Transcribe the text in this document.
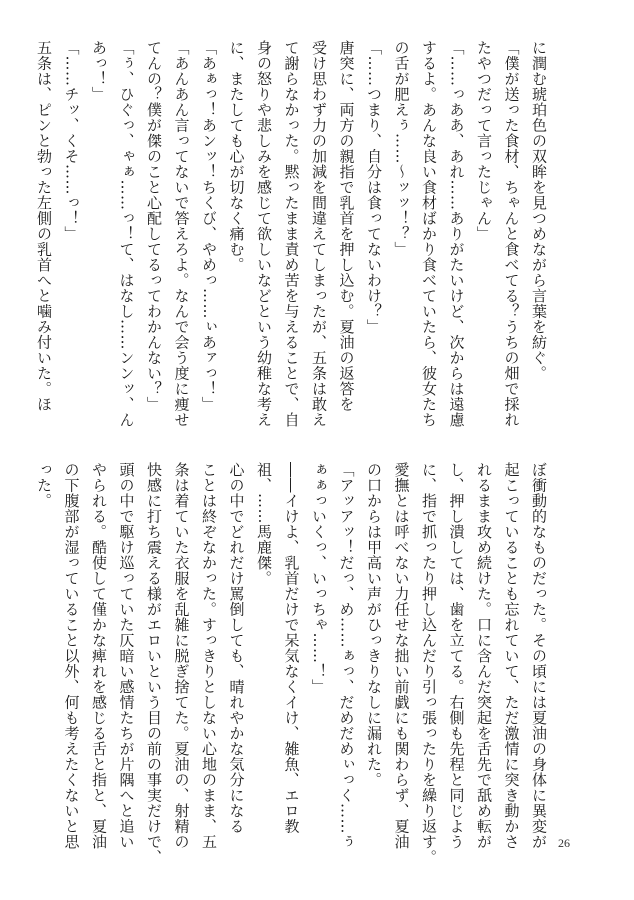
に潤む琥珀色の双眸を見つめながら言葉を紡ぐ。
「僕が送った食材、ちゃんと食べてる？うちの畑で採れ
たやつだって言ったじゃん」
「……っああ、あれ……ありがたいけど、次からは遠慮
するよ。あんな良い食材ばかり食べていたら、彼女たち
の舌が肥えぅ……～ッッ！？」
「……つまり、自分は食ってないわけ？」
唐突に、両方の親指で乳首を押し込む。夏油の返答を
受け思わず力の加減を間違えてしまったが、五条は敢え
て謝らなかった。黙ったまま責め苦を与えることで、自
身の怒りや悲しみを感じて欲しいなどという幼稚な考え
に、またしても心が切なく痛む。
「あぁっ！あンッ！ちくび、やめっ……ぃあァっ！」
「あんあん言ってないで答えろよ。なんで会う度に痩せ
てんの？僕が傑のこと心配してるってわかんない？」
「ぅ、ひぐっ、ゃぁ……っ！て、はなし……ンンッ、ん
あっ！」
「……チッ、くそ……っ！」
五条は、ピンと勃った左側の乳首へと噛み付いた。ほ
ぼ衝動的なものだった。その頃には夏油の身体に異変が
起こっていることも忘れていて、ただ激情に突き動かさ
れるまま攻め続けた。口に含んだ突起を舌先で舐め転が
し、押し潰しては、歯を立てる。右側も先程と同じよう
に、指で抓ったり押し込んだり引っ張ったりを繰り返す。
愛撫とは呼べない力任せな拙い前戯にも関わらず、夏油
の口からは甲高い声がひっきりなしに漏れた。
「アッアッ！だっ、め……ぁっ、だめだめぃっく……ぅ
ぁぁっいくっ、いっちゃ……！」
――イけよ、乳首だけで呆気なくイけ、雑魚、エロ教
祖、……馬鹿傑。
心の中でどれだけ罵倒しても、晴れやかな気分になる
ことは終ぞなかった。すっきりとしない心地のまま、五
条は着ていた衣服を乱雑に脱ぎ捨てた。夏油の、射精の
快感に打ち震える様がエロいという目の前の事実だけで、
頭の中で駆け巡っていた仄暗い感情たちが片隅へと追い
やられる。酷使して僅かな痺れを感じる舌と指と、夏油
の下腹部が湿っていること以外、何も考えたくないと思
った。
26
